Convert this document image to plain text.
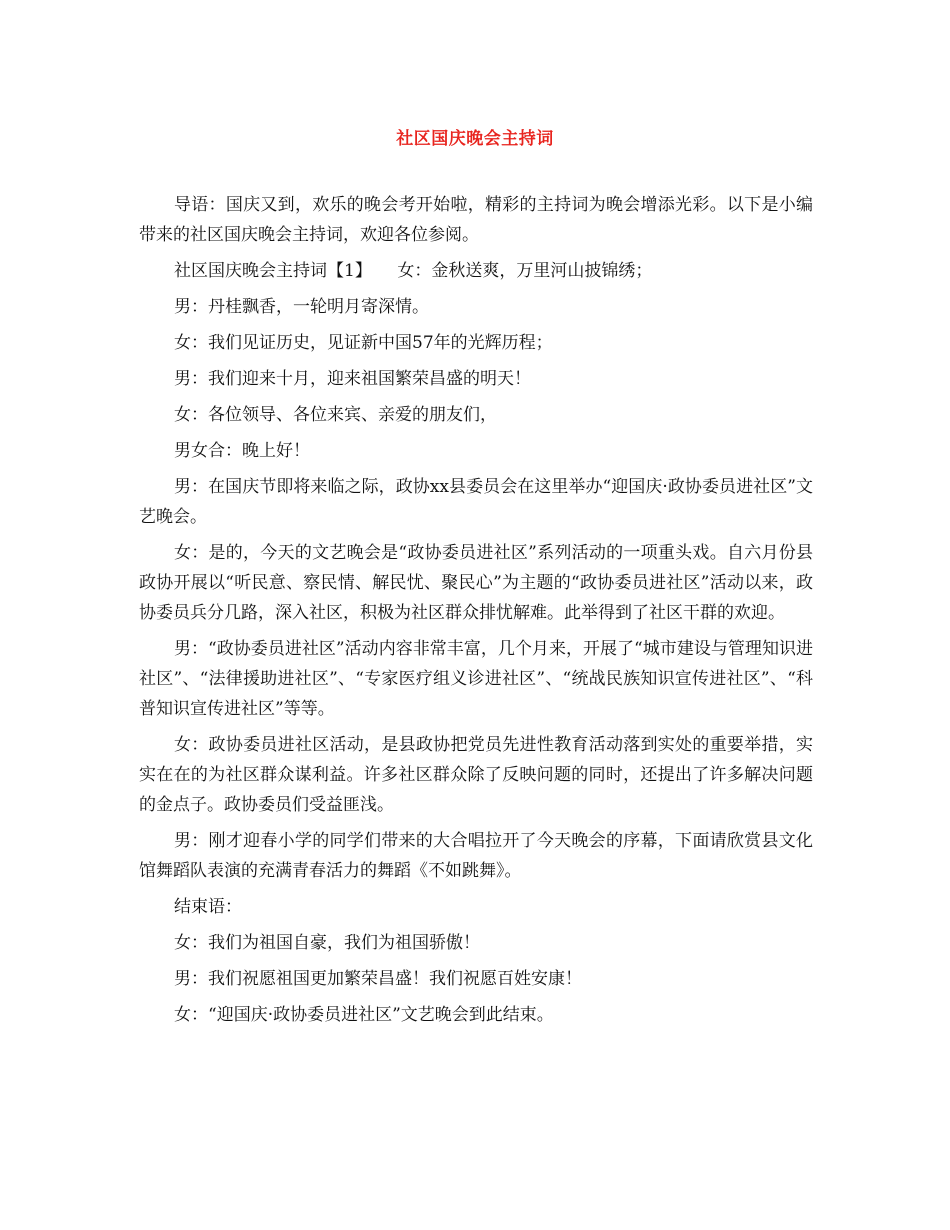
社区国庆晚会主持词

导语：国庆又到，欢乐的晚会考开始啦，精彩的主持词为晚会增添光彩。以下是小编带来的社区国庆晚会主持词，欢迎各位参阅。

社区国庆晚会主持词【1】　　女：金秋送爽，万里河山披锦绣；

男：丹桂飘香，一轮明月寄深情。

女：我们见证历史，见证新中国57年的光辉历程；

男：我们迎来十月，迎来祖国繁荣昌盛的明天！

女：各位领导、各位来宾、亲爱的朋友们，

男女合：晚上好！

男：在国庆节即将来临之际，政协xx县委员会在这里举办“迎国庆·政协委员进社区”文艺晚会。

女：是的，今天的文艺晚会是“政协委员进社区”系列活动的一项重头戏。自六月份县政协开展以“听民意、察民情、解民忧、聚民心”为主题的“政协委员进社区”活动以来，政协委员兵分几路，深入社区，积极为社区群众排忧解难。此举得到了社区干群的欢迎。

男：“政协委员进社区”活动内容非常丰富，几个月来，开展了“城市建设与管理知识进社区”、“法律援助进社区”、“专家医疗组义诊进社区”、“统战民族知识宣传进社区”、“科普知识宣传进社区”等等。

女：政协委员进社区活动，是县政协把党员先进性教育活动落到实处的重要举措，实实在在的为社区群众谋利益。许多社区群众除了反映问题的同时，还提出了许多解决问题的金点子。政协委员们受益匪浅。

男：刚才迎春小学的同学们带来的大合唱拉开了今天晚会的序幕，下面请欣赏县文化馆舞蹈队表演的充满青春活力的舞蹈《不如跳舞》。

结束语：

女：我们为祖国自豪，我们为祖国骄傲！

男：我们祝愿祖国更加繁荣昌盛！我们祝愿百姓安康！

女：“迎国庆·政协委员进社区”文艺晚会到此结束。
